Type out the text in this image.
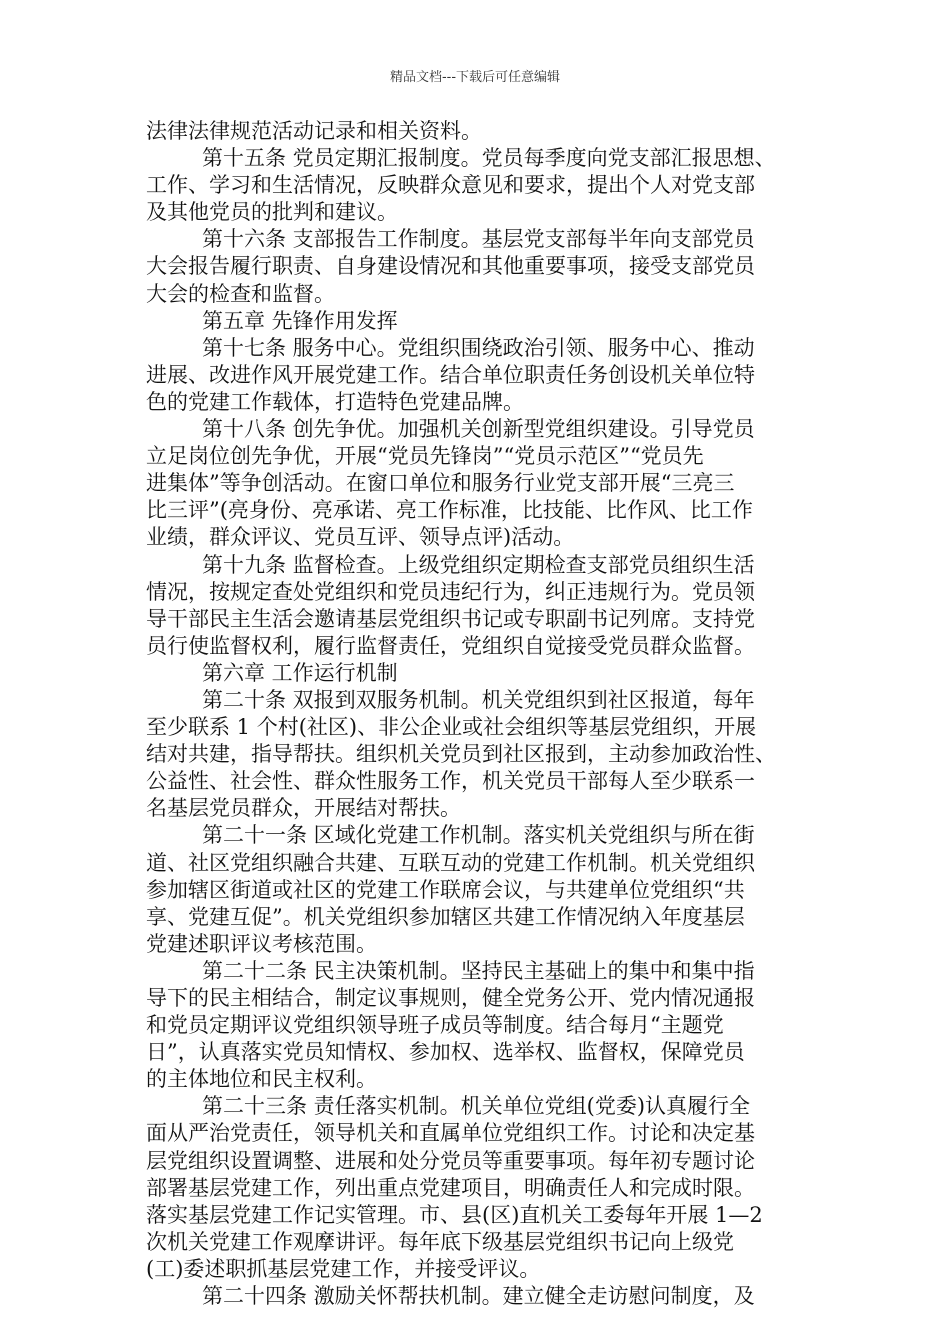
精品文档---下载后可任意编辑
法律法律规范活动记录和相关资料。
第十五条 党员定期汇报制度。党员每季度向党支部汇报思想、
工作、学习和生活情况，反映群众意见和要求，提出个人对党支部
及其他党员的批判和建议。
第十六条 支部报告工作制度。基层党支部每半年向支部党员
大会报告履行职责、自身建设情况和其他重要事项，接受支部党员
大会的检查和监督。
第五章 先锋作用发挥
第十七条 服务中心。党组织围绕政治引领、服务中心、推动
进展、改进作风开展党建工作。结合单位职责任务创设机关单位特
色的党建工作载体，打造特色党建品牌。
第十八条 创先争优。加强机关创新型党组织建设。引导党员
立足岗位创先争优，开展“党员先锋岗”“党员示范区”“党员先
进集体”等争创活动。在窗口单位和服务行业党支部开展“三亮三
比三评”(亮身份、亮承诺、亮工作标准，比技能、比作风、比工作
业绩，群众评议、党员互评、领导点评)活动。
第十九条 监督检查。上级党组织定期检查支部党员组织生活
情况，按规定查处党组织和党员违纪行为，纠正违规行为。党员领
导干部民主生活会邀请基层党组织书记或专职副书记列席。支持党
员行使监督权利，履行监督责任，党组织自觉接受党员群众监督。
第六章 工作运行机制
第二十条 双报到双服务机制。机关党组织到社区报道，每年
至少联系 1 个村(社区)、非公企业或社会组织等基层党组织，开展
结对共建，指导帮扶。组织机关党员到社区报到，主动参加政治性、
公益性、社会性、群众性服务工作，机关党员干部每人至少联系一
名基层党员群众，开展结对帮扶。
第二十一条 区域化党建工作机制。落实机关党组织与所在街
道、社区党组织融合共建、互联互动的党建工作机制。机关党组织
参加辖区街道或社区的党建工作联席会议，与共建单位党组织“共
享、党建互促”。机关党组织参加辖区共建工作情况纳入年度基层
党建述职评议考核范围。
第二十二条 民主决策机制。坚持民主基础上的集中和集中指
导下的民主相结合，制定议事规则，健全党务公开、党内情况通报
和党员定期评议党组织领导班子成员等制度。结合每月“主题党
日”，认真落实党员知情权、参加权、选举权、监督权，保障党员
的主体地位和民主权利。
第二十三条 责任落实机制。机关单位党组(党委)认真履行全
面从严治党责任，领导机关和直属单位党组织工作。讨论和决定基
层党组织设置调整、进展和处分党员等重要事项。每年初专题讨论
部署基层党建工作，列出重点党建项目，明确责任人和完成时限。
落实基层党建工作记实管理。市、县(区)直机关工委每年开展 1—2
次机关党建工作观摩讲评。每年底下级基层党组织书记向上级党
(工)委述职抓基层党建工作，并接受评议。
第二十四条 激励关怀帮扶机制。建立健全走访慰问制度，及
